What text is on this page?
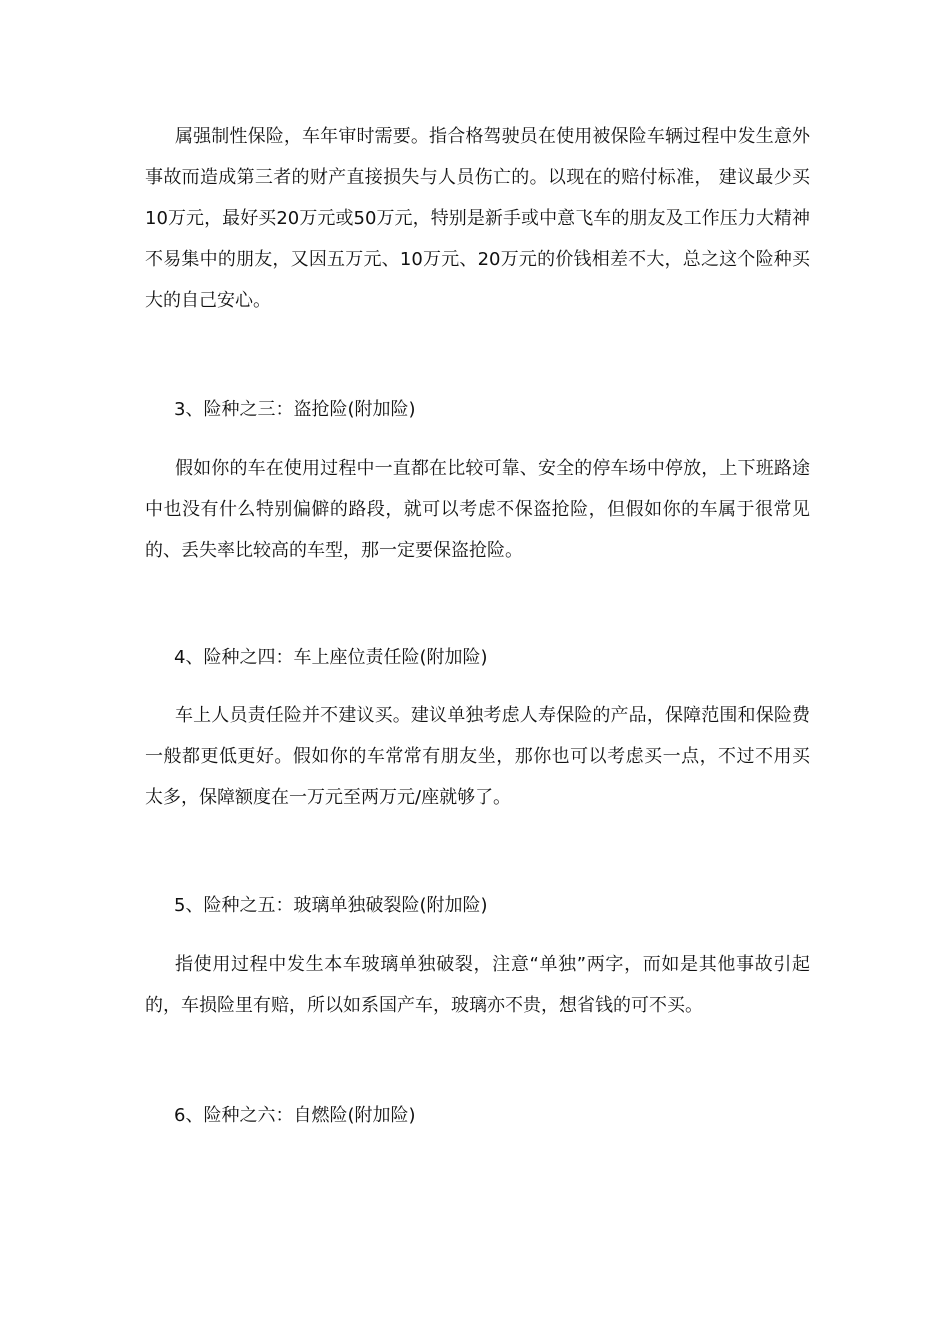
属强制性保险，车年审时需要。指合格驾驶员在使用被保险车辆过程中发生意外事故而造成第三者的财产直接损失与人员伤亡的。以现在的赔付标准， 建议最少买10万元，最好买20万元或50万元，特别是新手或中意飞车的朋友及工作压力大精神不易集中的朋友，又因五万元、10万元、20万元的价钱相差不大，总之这个险种买大的自己安心。

3、险种之三：盗抢险(附加险)

假如你的车在使用过程中一直都在比较可靠、安全的停车场中停放，上下班路途中也没有什么特别偏僻的路段，就可以考虑不保盗抢险，但假如你的车属于很常见的、丢失率比较高的车型，那一定要保盗抢险。

4、险种之四：车上座位责任险(附加险)

车上人员责任险并不建议买。建议单独考虑人寿保险的产品，保障范围和保险费一般都更低更好。假如你的车常常有朋友坐，那你也可以考虑买一点，不过不用买太多，保障额度在一万元至两万元/座就够了。

5、险种之五：玻璃单独破裂险(附加险)

指使用过程中发生本车玻璃单独破裂，注意“单独”两字，而如是其他事故引起的，车损险里有赔，所以如系国产车，玻璃亦不贵，想省钱的可不买。

6、险种之六：自燃险(附加险)
